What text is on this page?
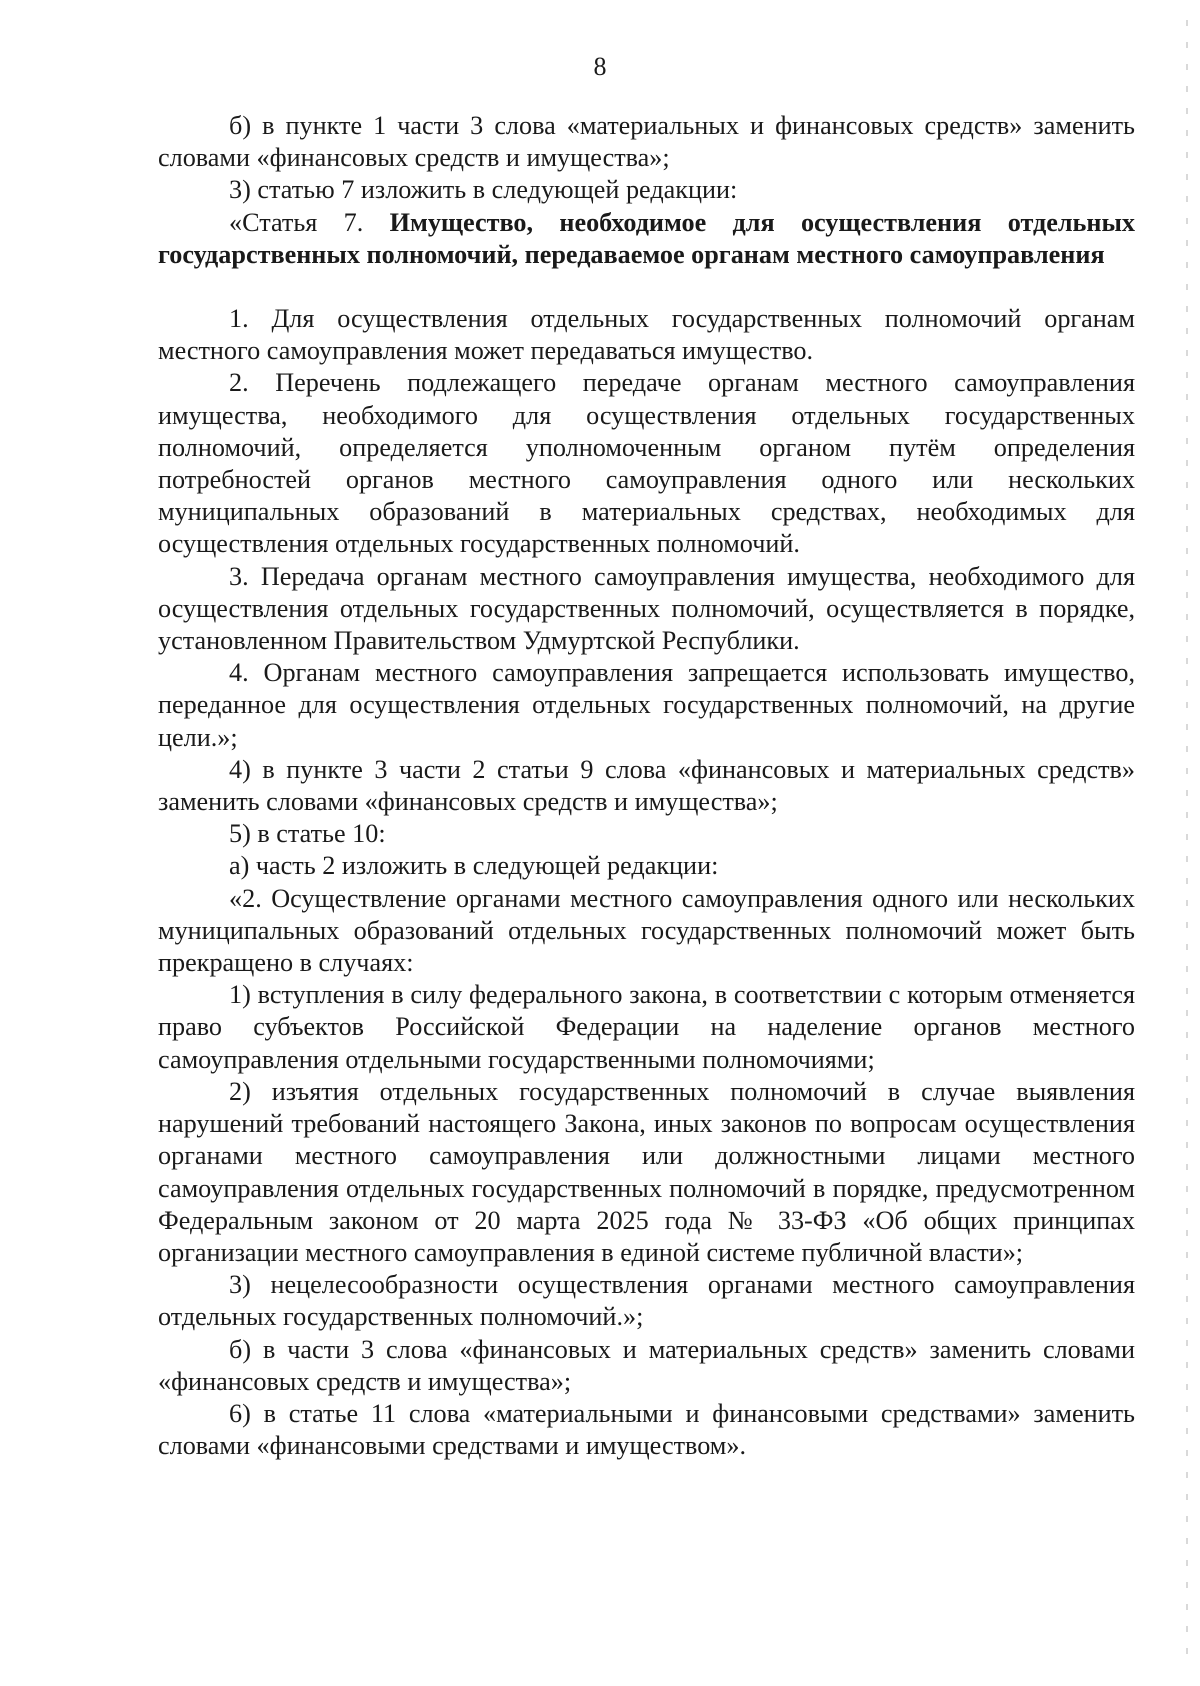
8

б) в пункте 1 части 3 слова «материальных и финансовых средств» заменить словами «финансовых средств и имущества»;

3) статью 7 изложить в следующей редакции:

«Статья 7. Имущество, необходимое для осуществления отдельных государственных полномочий, передаваемое органам местного самоуправления

1. Для осуществления отдельных государственных полномочий органам местного самоуправления может передаваться имущество.

2. Перечень подлежащего передаче органам местного самоуправления имущества, необходимого для осуществления отдельных государственных полномочий, определяется уполномоченным органом путём определения потребностей органов местного самоуправления одного или нескольких муниципальных образований в материальных средствах, необходимых для осуществления отдельных государственных полномочий.

3. Передача органам местного самоуправления имущества, необходимого для осуществления отдельных государственных полномочий, осуществляется в порядке, установленном Правительством Удмуртской Республики.

4. Органам местного самоуправления запрещается использовать имущество, переданное для осуществления отдельных государственных полномочий, на другие цели.»;

4) в пункте 3 части 2 статьи 9 слова «финансовых и материальных средств» заменить словами «финансовых средств и имущества»;

5) в статье 10:

а) часть 2 изложить в следующей редакции:

«2. Осуществление органами местного самоуправления одного или нескольких муниципальных образований отдельных государственных полномочий может быть прекращено в случаях:

1) вступления в силу федерального закона, в соответствии с которым отменяется право субъектов Российской Федерации на наделение органов местного самоуправления отдельными государственными полномочиями;

2) изъятия отдельных государственных полномочий в случае выявления нарушений требований настоящего Закона, иных законов по вопросам осуществления органами местного самоуправления или должностными лицами местного самоуправления отдельных государственных полномочий в порядке, предусмотренном Федеральным законом от 20 марта 2025 года № 33-ФЗ «Об общих принципах организации местного самоуправления в единой системе публичной власти»;

3) нецелесообразности осуществления органами местного самоуправления отдельных государственных полномочий.»;

б) в части 3 слова «финансовых и материальных средств» заменить словами «финансовых средств и имущества»;

6) в статье 11 слова «материальными и финансовыми средствами» заменить словами «финансовыми средствами и имуществом».
